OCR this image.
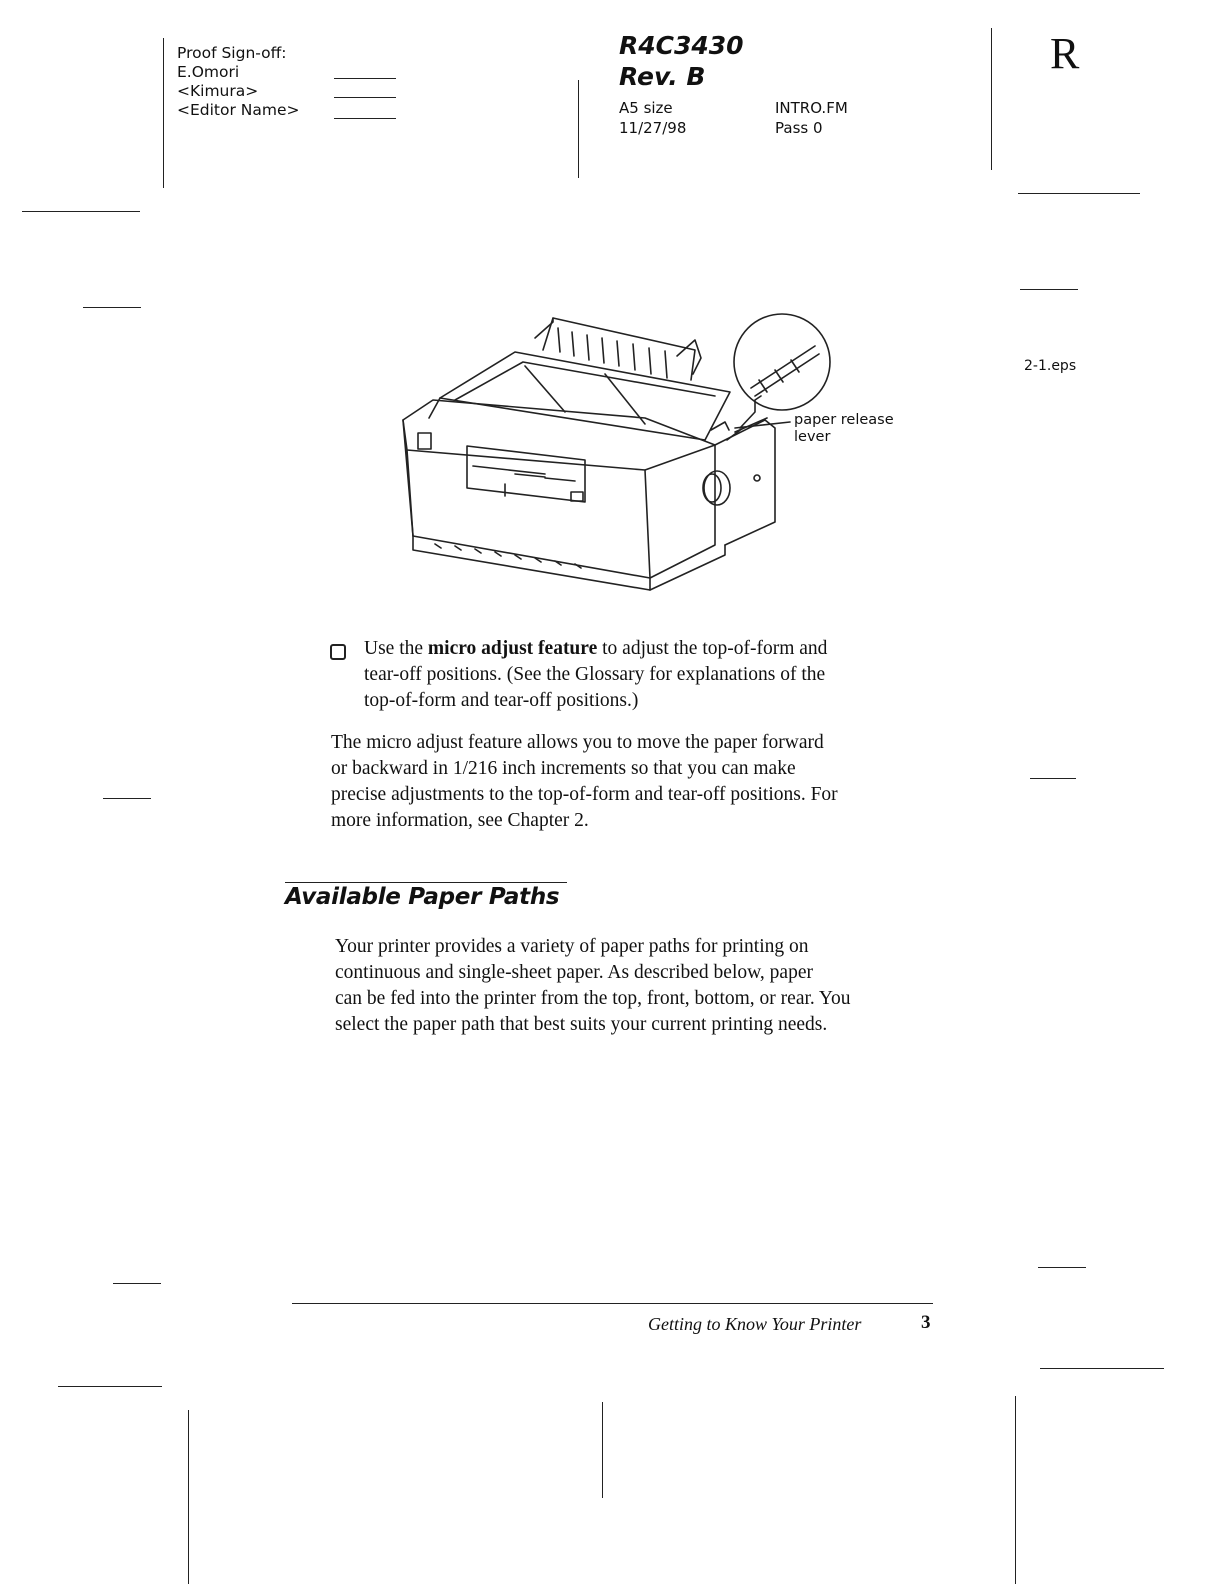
Proof Sign-off:
E.Omori
<Kimura>
<Editor Name>
R4C3430
Rev. B
A5 size
11/27/98
INTRO.FM
Pass 0
R
2-1.eps
paper release
lever
Use the micro adjust feature to adjust the top-of-form and
tear-off positions. (See the Glossary for explanations of the
top-of-form and tear-off positions.)
The micro adjust feature allows you to move the paper forward
or backward in 1/216 inch increments so that you can make
precise adjustments to the top-of-form and tear-off positions. For
more information, see Chapter 2.
Available Paper Paths
Your printer provides a variety of paper paths for printing on
continuous and single-sheet paper. As described below, paper
can be fed into the printer from the top, front, bottom, or rear. You
select the paper path that best suits your current printing needs.
Getting to Know Your Printer	3
